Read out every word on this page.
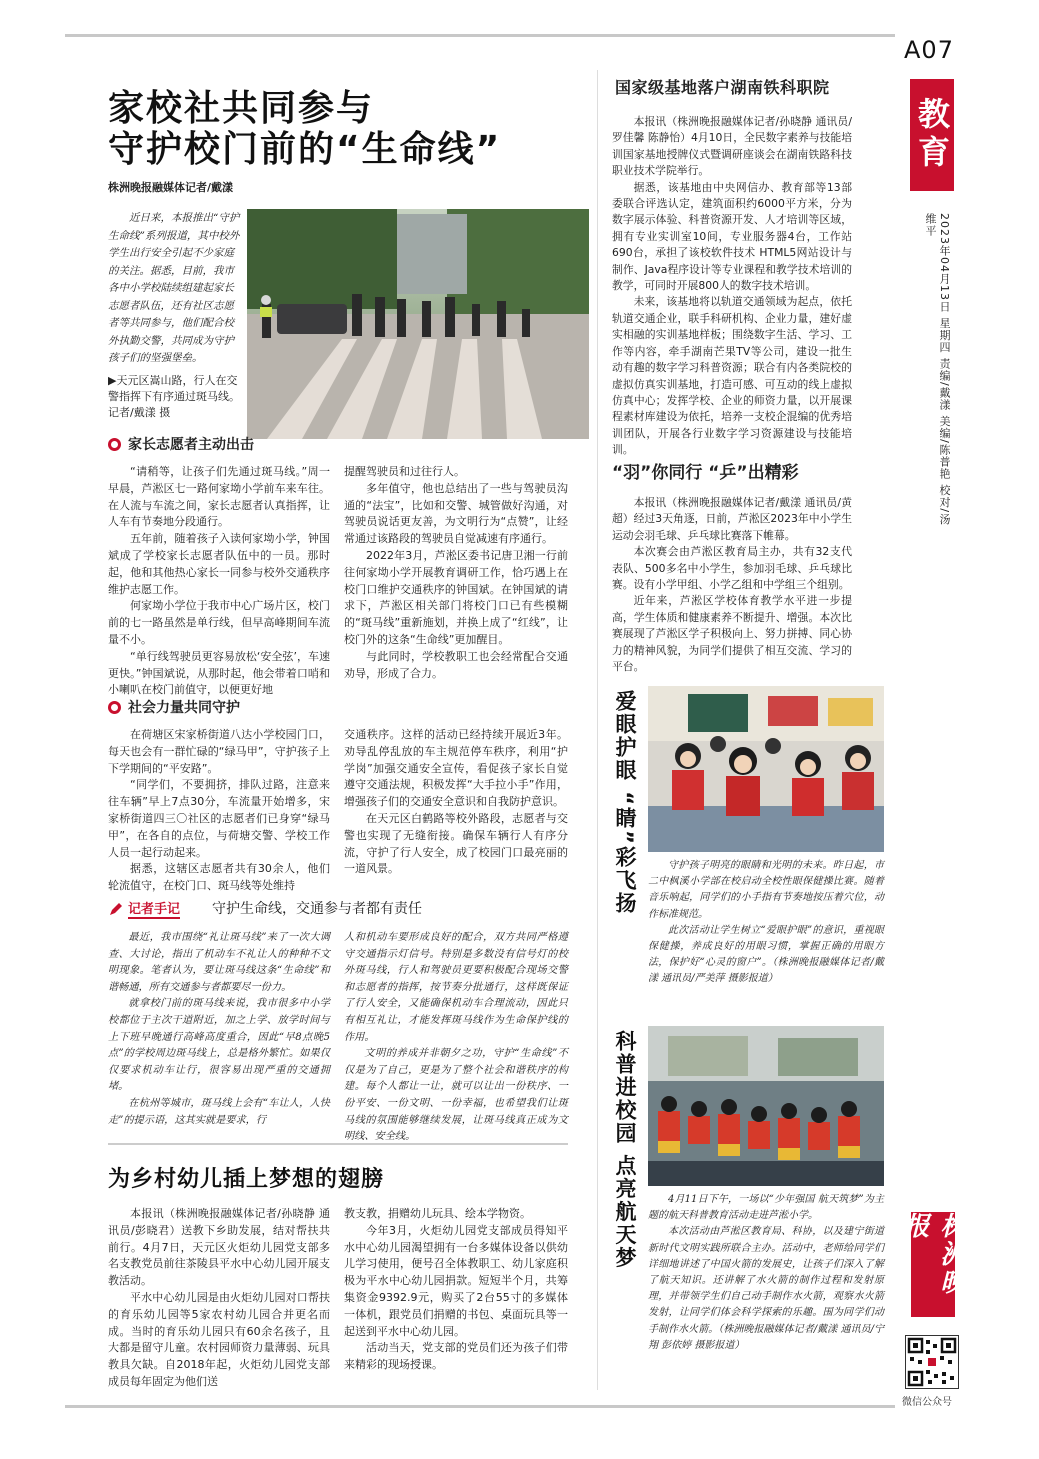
A07
教育
2023年04月13日 星期四 责编/戴漾 美编/陈普艳 校对/汤维平
株洲晚报
微信公众号
家校社共同参与
守护校门前的“生命线”
株洲晚报融媒体记者/戴漾

近日来，本报推出“守护生命线”系列报道，其中校外学生出行安全引起不少家庭的关注。据悉，目前，我市各中小学校陆续组建起家长志愿者队伍，还有社区志愿者等共同参与，他们配合校外执勤交警，共同成为守护孩子们的坚强堡垒。

▶天元区嵩山路，行人在交警指挥下有序通过斑马线。 记者/戴漾 摄
家长志愿者主动出击

“请稍等，让孩子们先通过斑马线。”周一早晨，芦淞区七一路何家坳小学前车来车往。在人流与车流之间，家长志愿者认真指挥，让人车有节奏地分段通行。

五年前，随着孩子入读何家坳小学，钟国斌成了学校家长志愿者队伍中的一员。那时起，他和其他热心家长一同参与校外交通秩序维护志愿工作。

何家坳小学位于我市中心广场片区，校门前的七一路虽然是单行线，但早高峰期间车流量不小。

“单行线驾驶员更容易放松‘安全弦’，车速更快。”钟国斌说，从那时起，他会带着口哨和小喇叭在校门前值守，以便更好地

提醒驾驶员和过往行人。

多年值守，他也总结出了一些与驾驶员沟通的“法宝”，比如和交警、城管做好沟通，对驾驶员说话更友善，为文明行为“点赞”，让经常通过该路段的驾驶员自觉减速有序通行。

2022年3月，芦淞区委书记唐卫湘一行前往何家坳小学开展教育调研工作，恰巧遇上在校门口维护交通秩序的钟国斌。在钟国斌的请求下，芦淞区相关部门将校门口已有些模糊的“斑马线”重新施划，并换上成了“红线”，让校门外的这条“生命线”更加醒目。

与此同时，学校教职工也会经常配合交通劝导，形成了合力。

社会力量共同守护

在荷塘区宋家桥街道八达小学校园门口，每天也会有一群忙碌的“绿马甲”，守护孩子上下学期间的“平安路”。

“同学们，不要拥挤，排队过路，注意来往车辆”早上7点30分，车流量开始增多，宋家桥街道四三〇社区的志愿者们已身穿“绿马甲”，在各自的点位，与荷塘交警、学校工作人员一起行动起来。

据悉，这辖区志愿者共有30余人，他们轮流值守，在校门口、斑马线等处维持

交通秩序。这样的活动已经持续开展近3年。劝导乱停乱放的车主规范停车秩序，利用“护学岗”加强交通安全宣传，看促孩子家长自觉遵守交通法规，积极发挥“大手拉小手”作用，增强孩子们的交通安全意识和自我防护意识。

在天元区白鹤路等校外路段，志愿者与交警也实现了无缝衔接。确保车辆行人有序分流，守护了行人安全，成了校园门口最亮丽的一道风景。

记者手记 守护生命线，交通参与者都有责任

最近，我市围绕“礼让斑马线”来了一次大调查、大讨论，指出了机动车不礼让人的种种不文明现象。笔者认为，要让斑马线这条“生命线”和谐畅通，所有交通参与者都要尽一份力。

就拿校门前的斑马线来说，我市很多中小学校都位于主次干道附近，加之上学、放学时间与上下班早晚通行高峰高度重合，因此“早8点晚5点”的学校周边斑马线上，总是格外繁忙。如果仅仅要求机动车让行，很容易出现严重的交通拥堵。

在杭州等城市，斑马线上会有“车让人，人快走”的提示语，这其实就是要求，行

人和机动车要形成良好的配合，双方共同严格遵守交通指示灯信号。特别是多数没有信号灯的校外斑马线，行人和驾驶员更要积极配合现场交警和志愿者的指挥，按节奏分批通行，这样既保证了行人安全，又能确保机动车合理流动，因此只有相互礼让，才能发挥斑马线作为生命保护线的作用。

文明的养成并非朝夕之功，守护“生命线”不仅是为了自己，更是为了整个社会和谐秩序的构建。每个人都让一让，就可以让出一份秩序、一份平安、一份文明、一份幸福，也希望我们让斑马线的氛围能够继续发展，让斑马线真正成为文明线、安全线。

为乡村幼儿插上梦想的翅膀

本报讯（株洲晚报融媒体记者/孙晓静 通讯员/彭晓君）送教下乡助发展，结对帮扶共前行。4月7日，天元区火炬幼儿园党支部多名支教党员前往茶陵县平水中心幼儿园开展支教活动。

平水中心幼儿园是由火炬幼儿园对口帮扶的育乐幼儿园等5家农村幼儿园合并更名而成。当时的育乐幼儿园只有60余名孩子，且大都是留守儿童。农村园师资力量薄弱、玩具教具欠缺。自2018年起，火炬幼儿园党支部成员每年固定为他们送

教支教，捐赠幼儿玩具、绘本学物资。

今年3月，火炬幼儿园党支部成员得知平水中心幼儿园渴望拥有一台多媒体设备以供幼儿学习使用，便号召全体教职工、幼儿家庭积极为平水中心幼儿园捐款。短短半个月，共筹集资金9392.9元，购买了2台55寸的多媒体一体机，跟党员们捐赠的书包、桌面玩具等一起送到平水中心幼儿园。

活动当天，党支部的党员们还为孩子们带来精彩的现场授课。

国家级基地落户湖南铁科职院

本报讯（株洲晚报融媒体记者/孙晓静 通讯员/罗佳馨 陈静怡）4月10日，全民数字素养与技能培训国家基地授牌仪式暨调研座谈会在湖南铁路科技职业技术学院举行。

据悉，该基地由中央网信办、教育部等13部委联合评选认定，建筑面积约6000平方米，分为数字展示体验、科普资源开发、人才培训等区域，拥有专业实训室10间，专业服务器4台，工作站690台，承担了该校软件技术 HTML5网站设计与制作、Java程序设计等专业课程和教学技术培训的教学，可同时开展800人的数字技术培训。

未来，该基地将以轨道交通领域为起点，依托轨道交通企业，联手科研机构、企业力量，建好虚实相融的实训基地样板；围绕数字生活、学习、工作等内容，牵手湖南芒果TV等公司，建设一批生动有趣的数字学习科普资源；联合有内各类院校的虚拟仿真实训基地，打造可感、可互动的线上虚拟仿真中心；发挥学校、企业的师资力量，以开展课程素材库建设为依托，培养一支校企混编的优秀培训团队，开展各行业数字学习资源建设与技能培训。

“羽”你同行 “乒”出精彩

本报讯（株洲晚报融媒体记者/戴漾 通讯员/黄超）经过3天角逐，日前，芦淞区2023年中小学生运动会羽毛球、乒乓球比赛落下帷幕。

本次赛会由芦淞区教育局主办，共有32支代表队、500多名中小学生，参加羽毛球、乒乓球比赛。设有小学甲组、小学乙组和中学组三个组别。

近年来，芦淞区学校体育教学水平进一步提高，学生体质和健康素养不断提升、增强。本次比赛展现了芦淞区学子积极向上、努力拼搏、同心协力的精神风貌，为同学们提供了相互交流、学习的平台。

爱眼护眼 “睛”彩飞扬	守护孩子明亮的眼睛和光明的未来。昨日起，市二中枫溪小学部在校启动全校性眼保健操比赛。随着音乐响起，同学们的小手指有节奏地按压着穴位，动作标准规范。

此次活动让学生树立“爱眼护眼”的意识，重视眼保健操，养成良好的用眼习惯，掌握正确的用眼方法，保护好“心灵的窗户”。（株洲晚报融媒体记者/戴漾 通讯员/严美萍 摄影报道）

科普进校园 点亮航天梦	4月11日下午，一场以“少年强国 航天筑梦”为主题的航天科普教育活动走进芦淞小学。

本次活动由芦淞区教育局、科协，以及建宁街道新时代文明实践所联合主办。活动中，老师给同学们详细地讲述了中国火箭的发展史，让孩子们深入了解了航天知识。还讲解了水火箭的制作过程和发射原理，并带领学生们自己动手制作水火箭，观察水火箭发射，让同学们体会科学探索的乐趣。围为同学们动手制作水火箭。（株洲晚报融媒体记者/戴漾 通讯员/宁翔 彭依婷 摄影报道）
